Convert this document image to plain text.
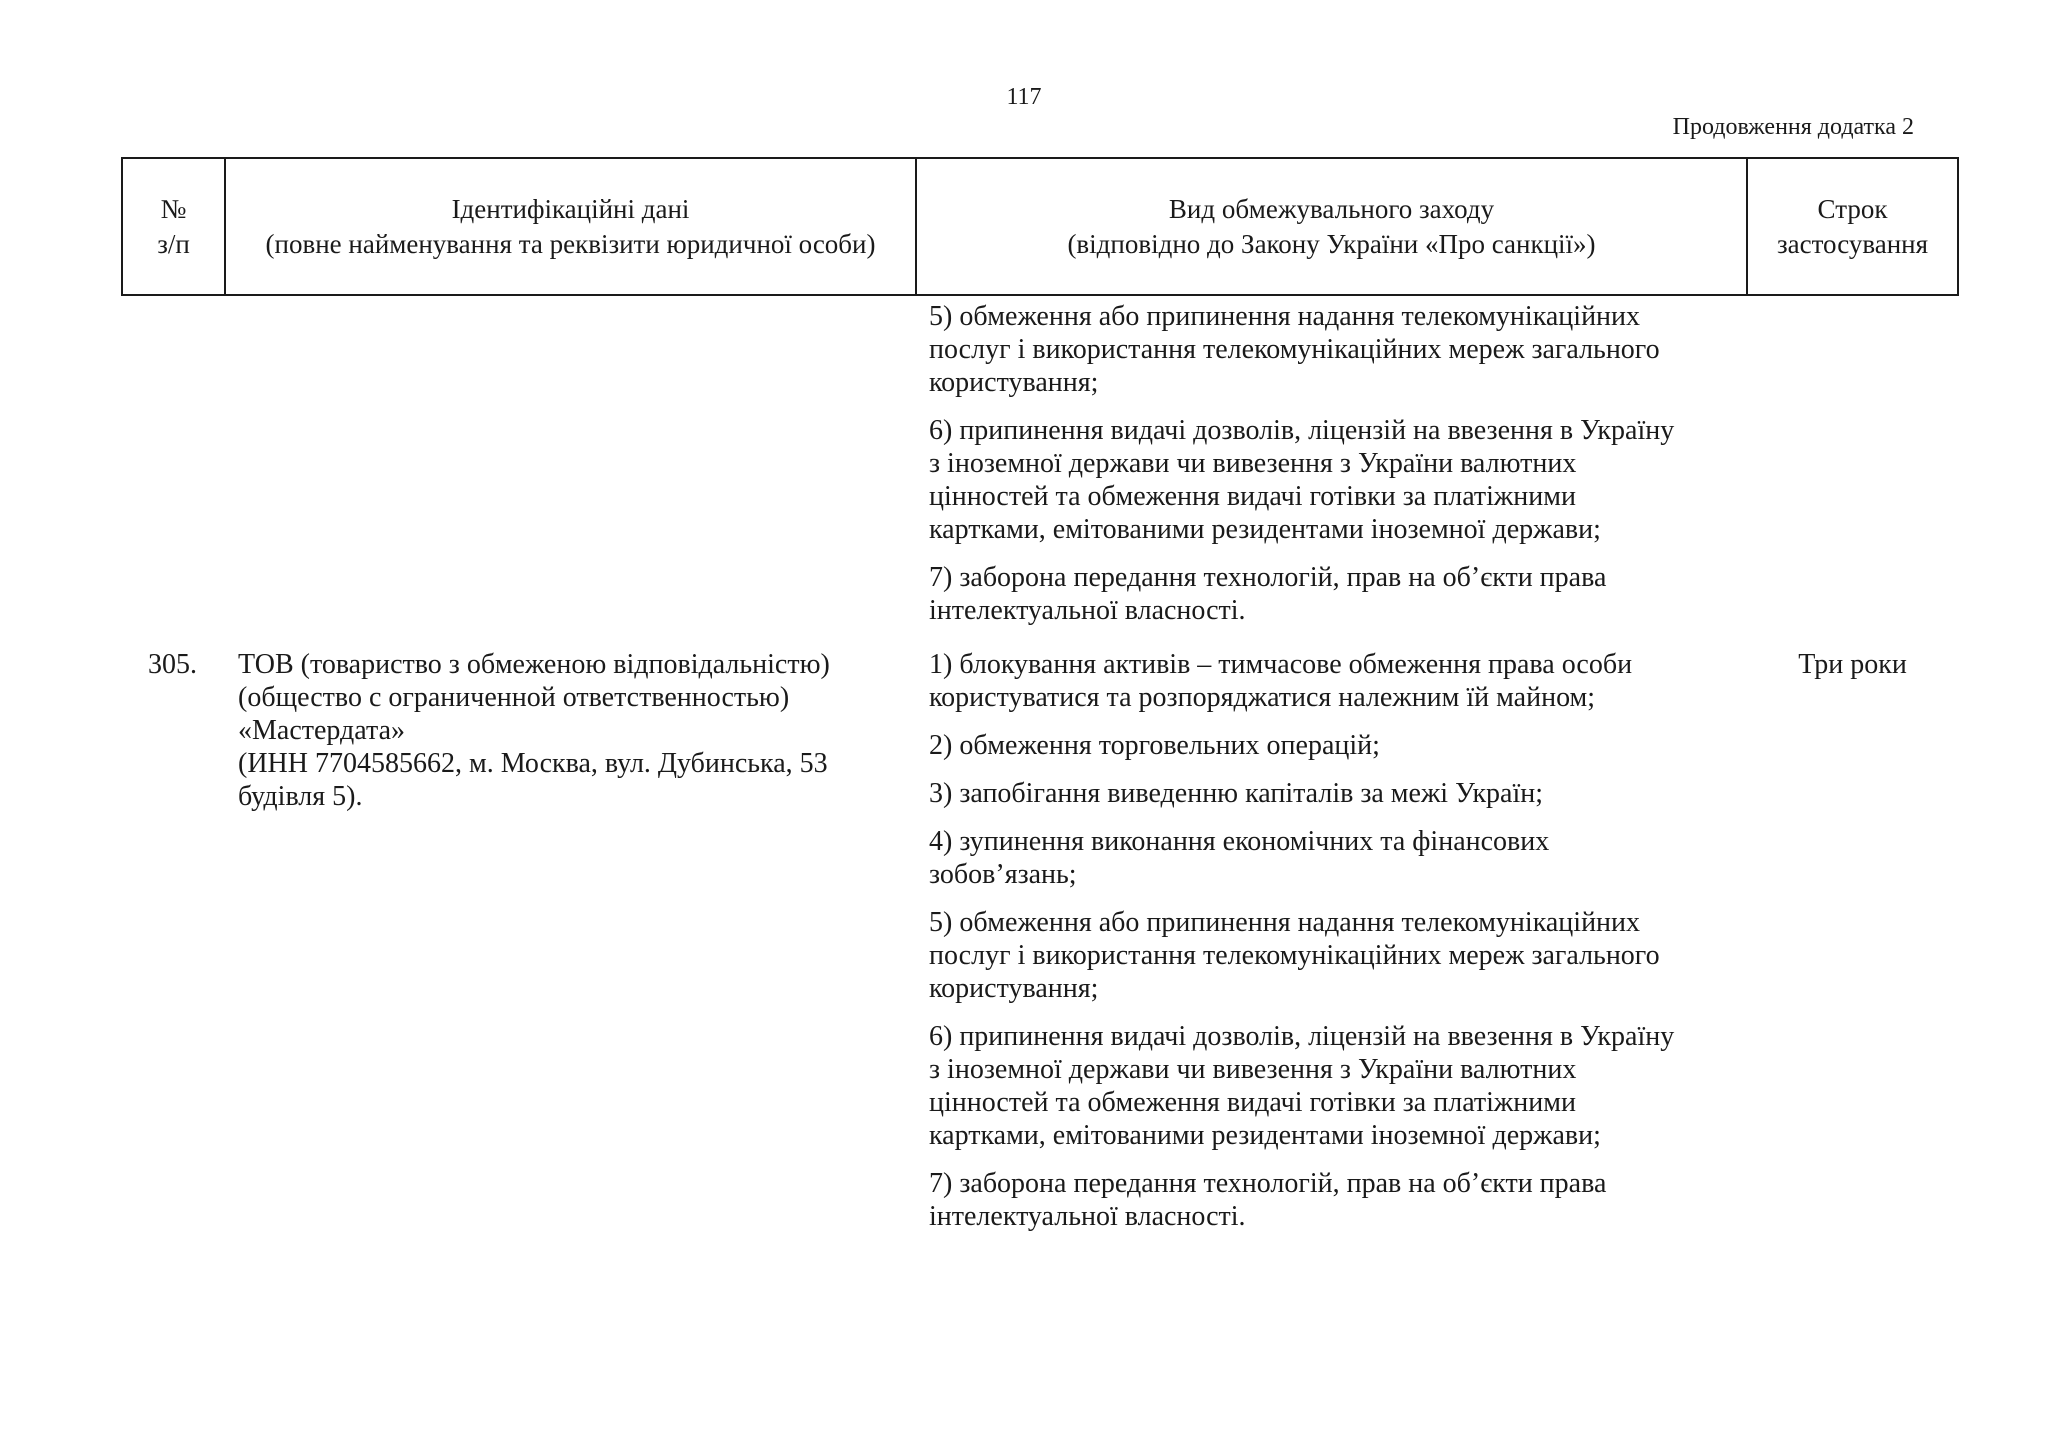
117
Продовження додатка 2
№
з/п
Ідентифікаційні дані
(повне найменування та реквізити юридичної особи)
Вид обмежувального заходу
(відповідно до Закону України «Про санкції»)
Строк
застосування
5) обмеження або припинення надання телекомунікаційних
послуг і використання телекомунікаційних мереж загального
користування;
6) припинення видачі дозволів, ліцензій на ввезення в Україну
з іноземної держави чи вивезення з України валютних
цінностей та обмеження видачі готівки за платіжними
картками, емітованими резидентами іноземної держави;
7) заборона передання технологій, прав на об’єкти права
інтелектуальної власності.
305.	ТОВ (товариство з обмеженою відповідальністю)
(общество с ограниченной ответственностью)
«Мастердата»
(ИНН 7704585662, м. Москва, вул. Дубинська, 53
будівля 5).
1) блокування активів – тимчасове обмеження права особи
користуватися та розпоряджатися належним їй майном;
2) обмеження торговельних операцій;
3) запобігання виведенню капіталів за межі Україн;
4) зупинення виконання економічних та фінансових
зобов’язань;
5) обмеження або припинення надання телекомунікаційних
послуг і використання телекомунікаційних мереж загального
користування;
6) припинення видачі дозволів, ліцензій на ввезення в Україну
з іноземної держави чи вивезення з України валютних
цінностей та обмеження видачі готівки за платіжними
картками, емітованими резидентами іноземної держави;
7) заборона передання технологій, прав на об’єкти права
інтелектуальної власності.
Три роки
